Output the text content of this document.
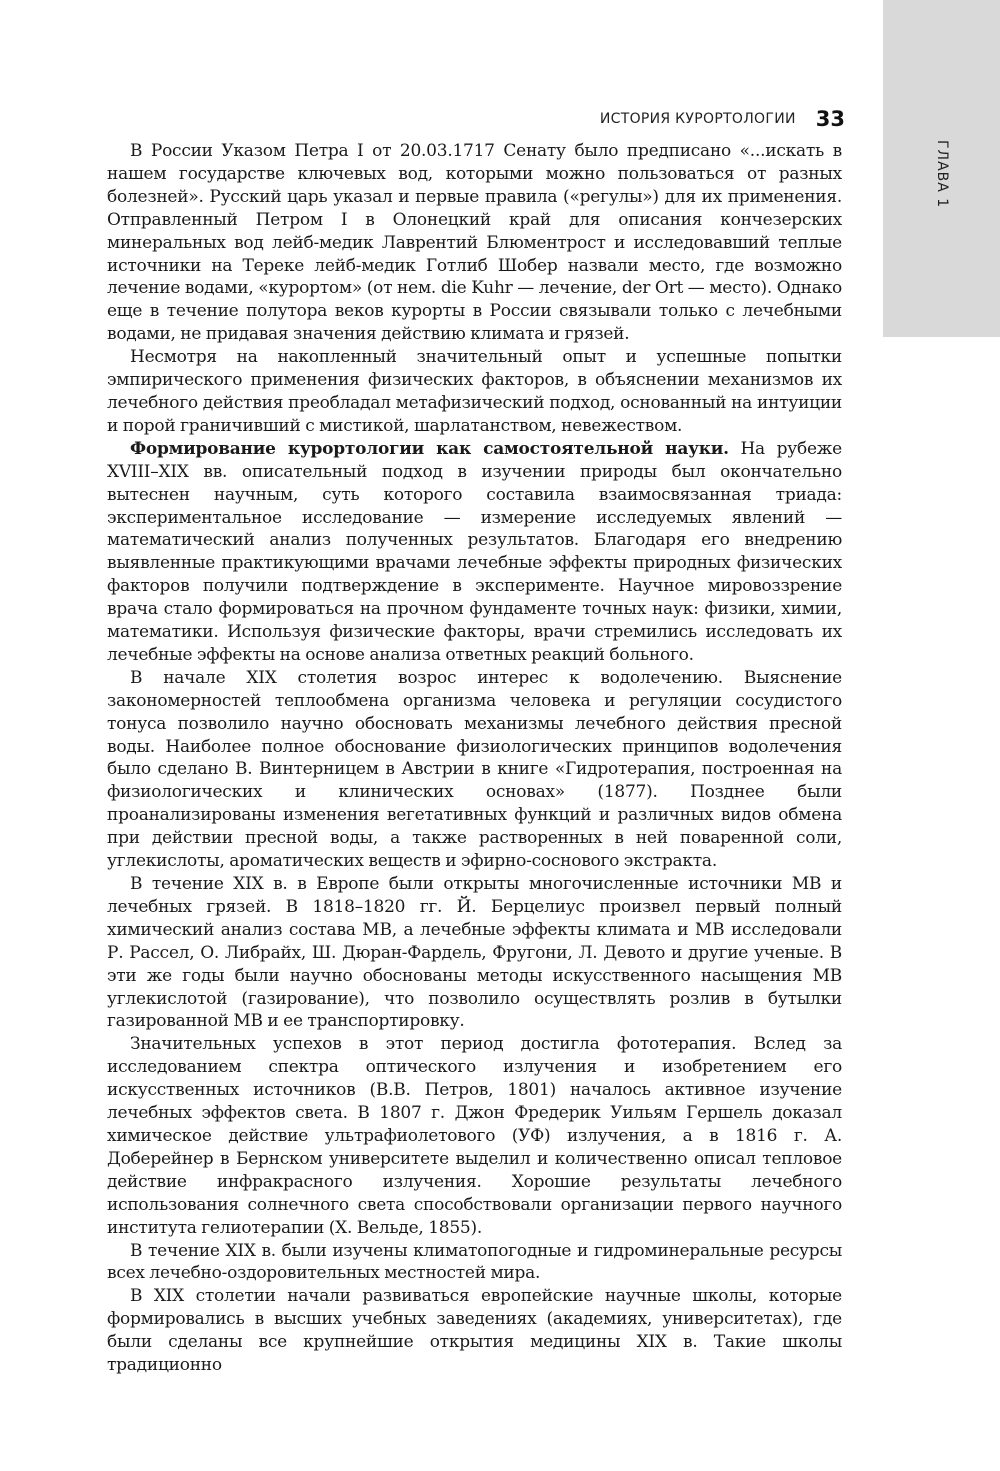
ГЛАВА 1
ИСТОРИЯ КУРОРТОЛОГИИ 33

В России Указом Петра I от 20.03.1717 Сенату было предписано «...искать в нашем государстве ключевых вод, которыми можно пользоваться от разных болезней». Русский царь указал и первые правила («регулы») для их применения. Отправленный Петром I в Олонецкий край для описания кончезерских минеральных вод лейб-медик Лаврентий Блюментрост и исследовавший теплые источники на Тереке лейб-медик Готлиб Шобер назвали место, где возможно лечение водами, «курортом» (от нем. die Kuhr — лечение, der Ort — место). Однако еще в течение полутора веков курорты в России связывали только с лечебными водами, не придавая значения действию климата и грязей.

Несмотря на накопленный значительный опыт и успешные попытки эмпирического применения физических факторов, в объяснении механизмов их лечебного действия преобладал метафизический подход, основанный на интуиции и порой граничивший с мистикой, шарлатанством, невежеством.

Формирование курортологии как самостоятельной науки. На рубеже XVIII–XIX вв. описательный подход в изучении природы был окончательно вытеснен научным, суть которого составила взаимосвязанная триада: экспериментальное исследование — измерение исследуемых явлений — математический анализ полученных результатов. Благодаря его внедрению выявленные практикующими врачами лечебные эффекты природных физических факторов получили подтверждение в эксперименте. Научное мировоззрение врача стало формироваться на прочном фундаменте точных наук: физики, химии, математики. Используя физические факторы, врачи стремились исследовать их лечебные эффекты на основе анализа ответных реакций больного.

В начале XIX столетия возрос интерес к водолечению. Выяснение закономерностей теплообмена организма человека и регуляции сосудистого тонуса позволило научно обосновать механизмы лечебного действия пресной воды. Наиболее полное обоснование физиологических принципов водолечения было сделано В. Винтерницем в Австрии в книге «Гидротерапия, построенная на физиологических и клинических основах» (1877). Позднее были проанализированы изменения вегетативных функций и различных видов обмена при действии пресной воды, а также растворенных в ней поваренной соли, углекислоты, ароматических веществ и эфирно-соснового экстракта.

В течение XIX в. в Европе были открыты многочисленные источники МВ и лечебных грязей. В 1818–1820 гг. Й. Берцелиус произвел первый полный химический анализ состава МВ, а лечебные эффекты климата и МВ исследовали Р. Рассел, О. Либрайх, Ш. Дюран-Фардель, Фругони, Л. Девото и другие ученые. В эти же годы были научно обоснованы методы искусственного насыщения МВ углекислотой (газирование), что позволило осуществлять розлив в бутылки газированной МВ и ее транспортировку.

Значительных успехов в этот период достигла фототерапия. Вслед за исследованием спектра оптического излучения и изобретением его искусственных источников (В.В. Петров, 1801) началось активное изучение лечебных эффектов света. В 1807 г. Джон Фредерик Уильям Гершель доказал химическое действие ультрафиолетового (УФ) излучения, а в 1816 г. А. Доберейнер в Бернском университете выделил и количественно описал тепловое действие инфракрасного излучения. Хорошие результаты лечебного использования солнечного света способствовали организации первого научного института гелиотерапии (Х. Вельде, 1855).

В течение XIX в. были изучены климатопогодные и гидроминеральные ресурсы всех лечебно-оздоровительных местностей мира.

В XIX столетии начали развиваться европейские научные школы, которые формировались в высших учебных заведениях (академиях, университетах), где были сделаны все крупнейшие открытия медицины XIX в. Такие школы традиционно
